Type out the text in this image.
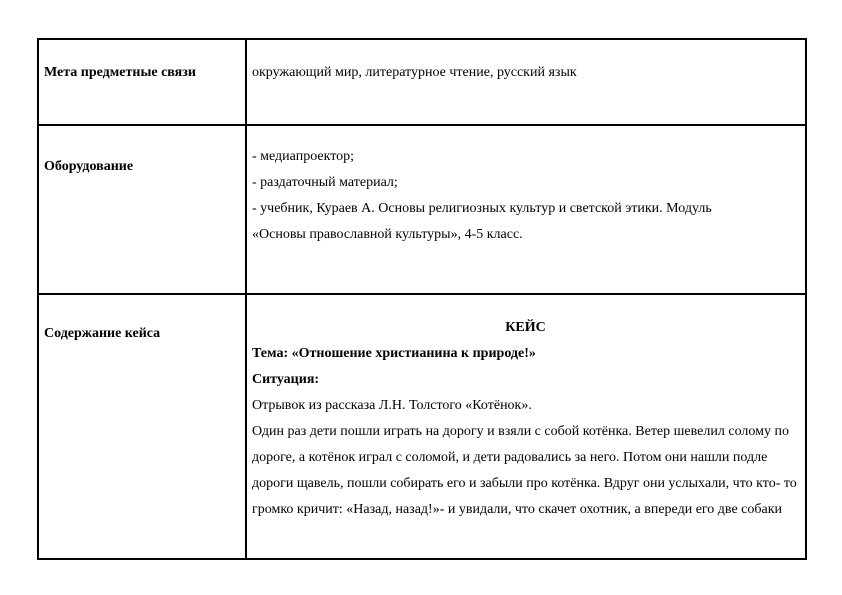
Мета предметные связи	окружающий мир, литературное чтение, русский язык

Оборудование	- медиапроектор;

- раздаточный материал;

- учебник, Кураев А. Основы религиозных культур и светской этики. Модуль

«Основы православной культуры», 4-5 класс.

Содержание кейса	КЕЙС

Тема: «Отношение христианина к природе!»

Ситуация:

Отрывок из рассказа Л.Н. Толстого «Котёнок».

Один раз дети пошли играть на дорогу и взяли с собой котёнка. Ветер шевелил солому по дороге, а котёнок играл с соломой, и дети радовались за него. Потом они нашли подле дороги щавель, пошли собирать его и забыли про котёнка. Вдруг они услыхали, что кто- то громко кричит: «Назад, назад!»- и увидали, что скачет охотник, а впереди его две собаки
